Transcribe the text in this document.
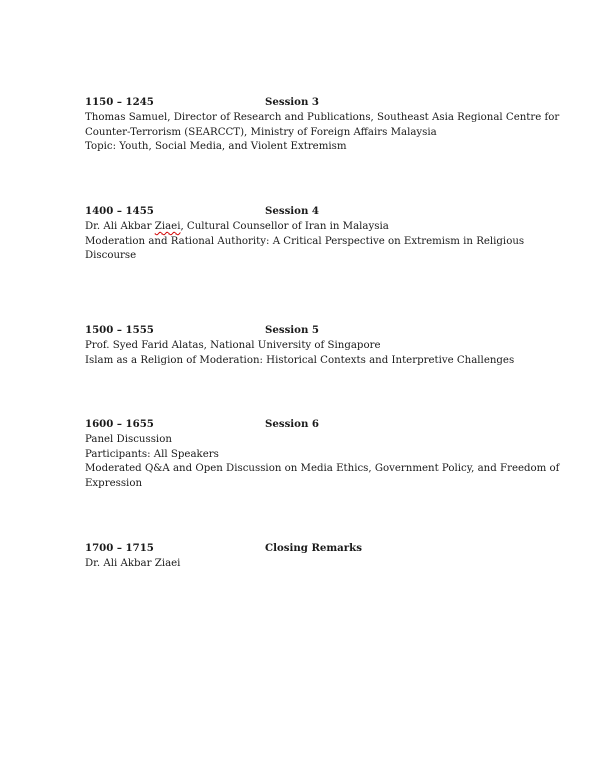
1150 – 1245	Session 3
Thomas Samuel, Director of Research and Publications, Southeast Asia Regional Centre for
Counter-Terrorism (SEARCCT), Ministry of Foreign Affairs Malaysia
Topic: Youth, Social Media, and Violent Extremism
1400 – 1455	Session 4
Dr. Ali Akbar Ziaei, Cultural Counsellor of Iran in Malaysia
Moderation and Rational Authority: A Critical Perspective on Extremism in Religious
Discourse
1500 – 1555	Session 5
Prof. Syed Farid Alatas, National University of Singapore
Islam as a Religion of Moderation: Historical Contexts and Interpretive Challenges
1600 – 1655	Session 6
Panel Discussion
Participants: All Speakers
Moderated Q&A and Open Discussion on Media Ethics, Government Policy, and Freedom of
Expression
1700 – 1715	Closing Remarks
Dr. Ali Akbar Ziaei
